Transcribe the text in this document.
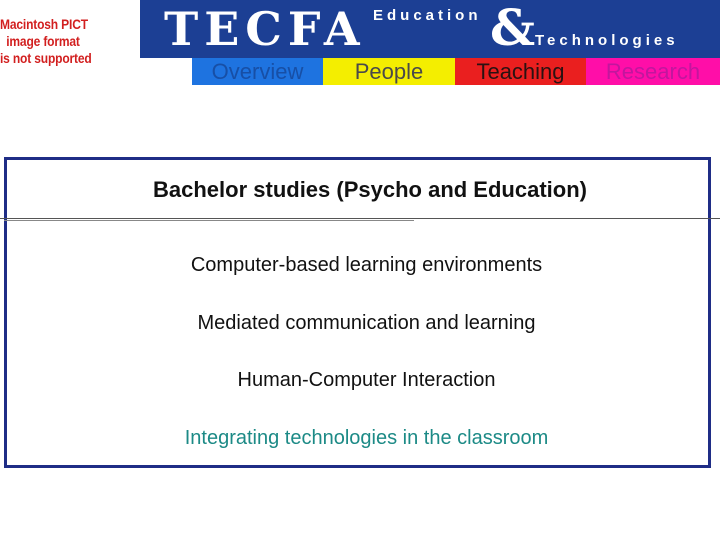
Macintosh PICT
image format
is not supported
TECFA Education & Technologies
Overview	People	Teaching	Research
Bachelor studies (Psycho and Education)
Computer-based learning environments
Mediated communication and learning
Human-Computer Interaction
Integrating technologies in the classroom
